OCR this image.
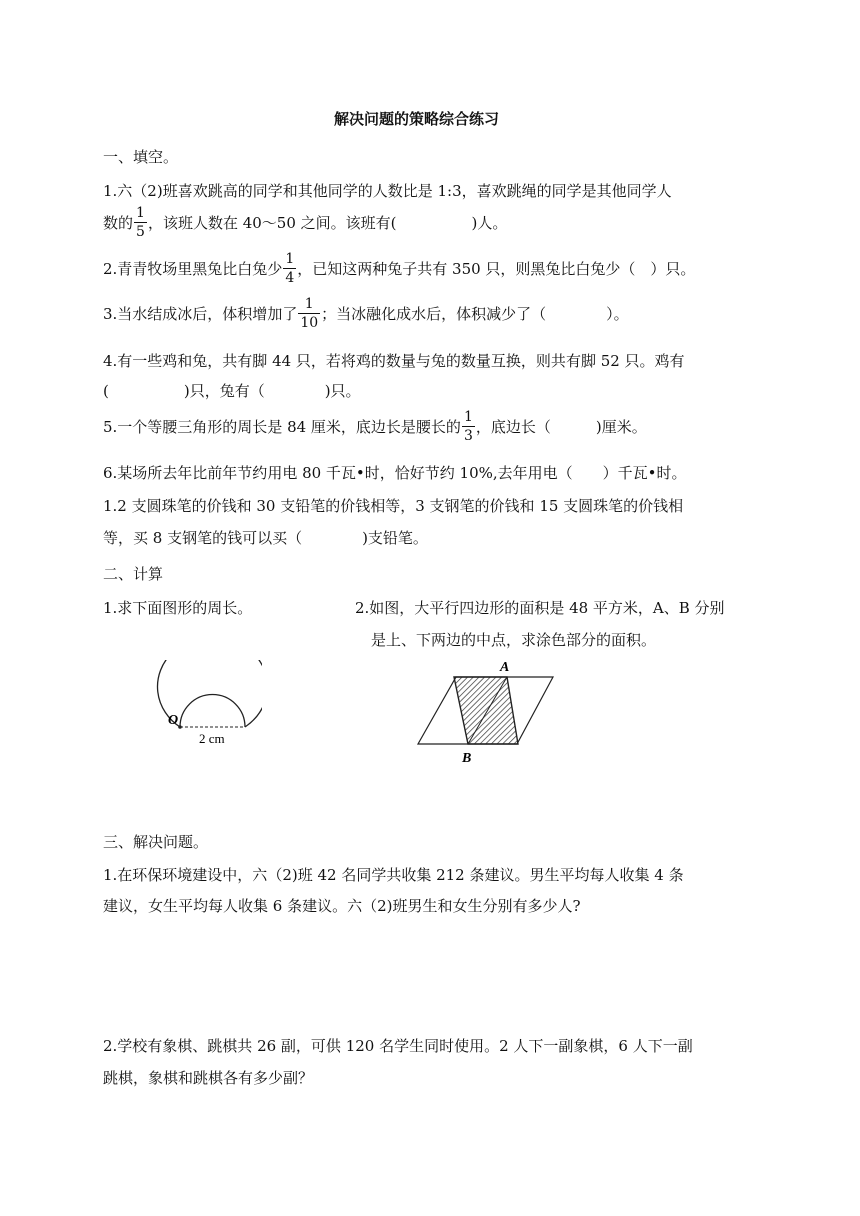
解决问题的策略综合练习
一、填空。
1.六（2)班喜欢跳高的同学和其他同学的人数比是 1:3，喜欢跳绳的同学是其他同学人
数的 $\frac{1}{5}$ ，该班人数在 40～50 之间。该班有(　　　　　)人。
2.青青牧场里黑兔比白兔少 $\frac{1}{4}$ ，已知这两种兔子共有 350 只，则黑兔比白兔少（　）只。
3.当水结成冰后，体积增加了 $\frac{1}{10}$ ；当冰融化成水后，体积减少了（　　　　）。
4.有一些鸡和兔，共有脚 44 只，若将鸡的数量与兔的数量互换，则共有脚 52 只。鸡有
(　　　　　)只，兔有（　　　　)只。
5.一个等腰三角形的周长是 84 厘米，底边长是腰长的 $\frac{1}{3}$ ，底边长（　　　)厘米。
6.某场所去年比前年节约用电 80 千瓦•时，恰好节约 10%,去年用电（　　）千瓦•时。
1.2 支圆珠笔的价钱和 30 支铅笔的价钱相等，3 支钢笔的价钱和 15 支圆珠笔的价钱相
等，买 8 支钢笔的钱可以买（　　　　)支铅笔。
二、计算
1.求下面图形的周长。	2.如图，大平行四边形的面积是 48 平方米，A、B 分别
是上、下两边的中点，求涂色部分的面积。
O
2 cm
A
B
三、解决问题。
1.在环保环境建设中，六（2)班 42 名同学共收集 212 条建议。男生平均每人收集 4 条
建议，女生平均每人收集 6 条建议。六（2)班男生和女生分别有多少人?
2.学校有象棋、跳棋共 26 副，可供 120 名学生同时使用。2 人下一副象棋，6 人下一副
跳棋，象棋和跳棋各有多少副？
